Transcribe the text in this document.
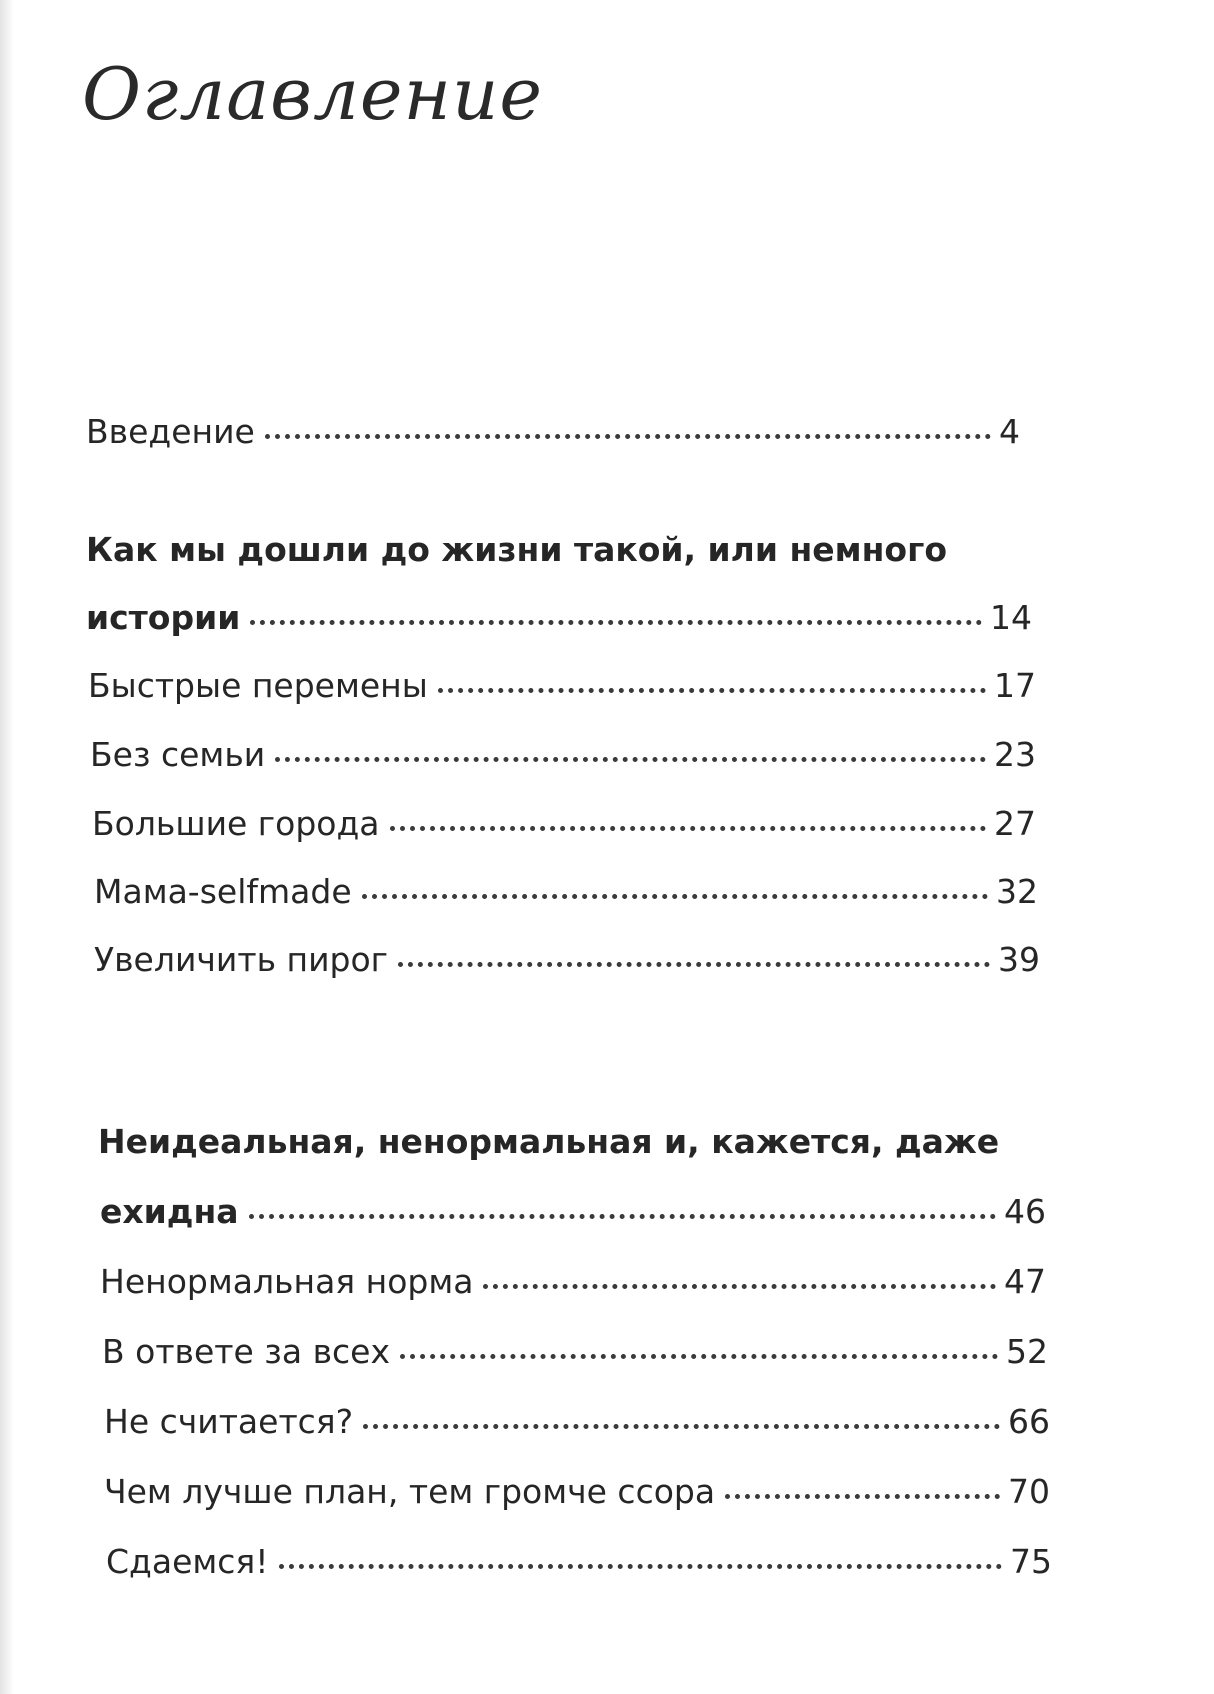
Оглавление
Введение	4
Как мы дошли до жизни такой, или немного
истории	14
Быстрые перемены	17
Без семьи	23
Большие города	27
Мама-selfmade	32
Увеличить пирог	39
Неидеальная, ненормальная и, кажется, даже
ехидна	46
Ненормальная норма	47
В ответе за всех	52
Не считается?	66
Чем лучше план, тем громче ссора	70
Сдаемся!	75
